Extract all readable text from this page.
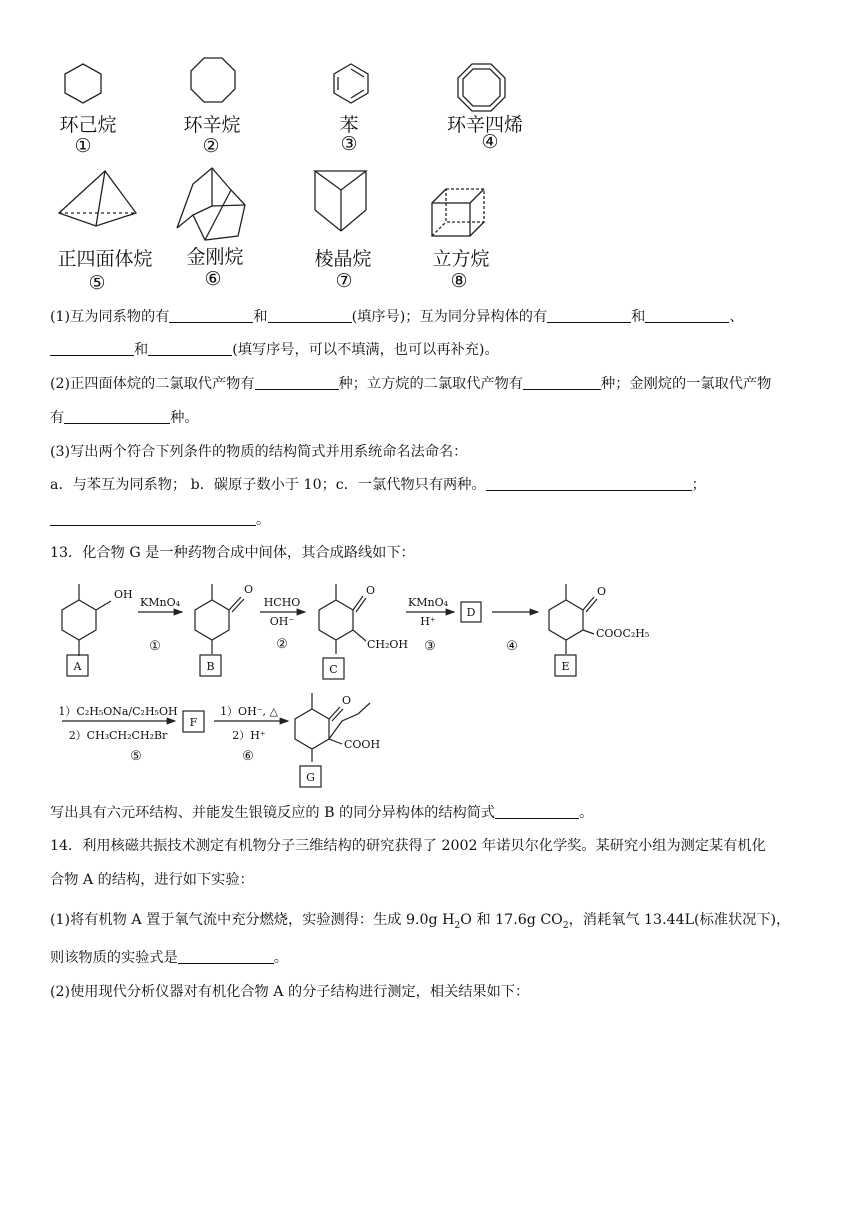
环己烷
①
环辛烷
②
苯
③
环辛四烯
④
正四面体烷
⑤
金刚烷
⑥
棱晶烷
⑦
立方烷
⑧
(1)互为同系物的有	和	(填序号)；互为同分异构体的有	和	、
和	(填写序号，可以不填满，也可以再补充)。
(2)正四面体烷的二氯取代产物有	种；立方烷的二氯取代产物有	种；金刚烷的一氯取代产物
有	种。
(3)写出两个符合下列条件的物质的结构简式并用系统命名法命名：
a．与苯互为同系物； b．碳原子数小于 10；c．一氯代物只有两种。	；
。
13．化合物 G 是一种药物合成中间体，其合成路线如下：
OH	O	O
CH₂OH
O
COOC₂H₅
O
COOH
A	B	C
D
E
F
G
KMnO₄
①
HCHO
OH⁻
②
KMnO₄
H⁺
③	④
1）C₂H₅ONa/C₂H₅OH
2）CH₃CH₂CH₂Br
⑤
1）OH⁻, △
2）H⁺
⑥
写出具有六元环结构、并能发生银镜反应的 B 的同分异构体的结构简式	。
14．利用核磁共振技术测定有机物分子三维结构的研究获得了 2002 年诺贝尔化学奖。某研究小组为测定某有机化
合物 A 的结构，进行如下实验：
(1)将有机物 A 置于氧气流中充分燃烧，实验测得：生成 9.0g $H_2O$ 和 17.6g $CO_2$，消耗氧气 13.44L(标准状况下)，
则该物质的实验式是	。
(2)使用现代分析仪器对有机化合物 A 的分子结构进行测定，相关结果如下：
